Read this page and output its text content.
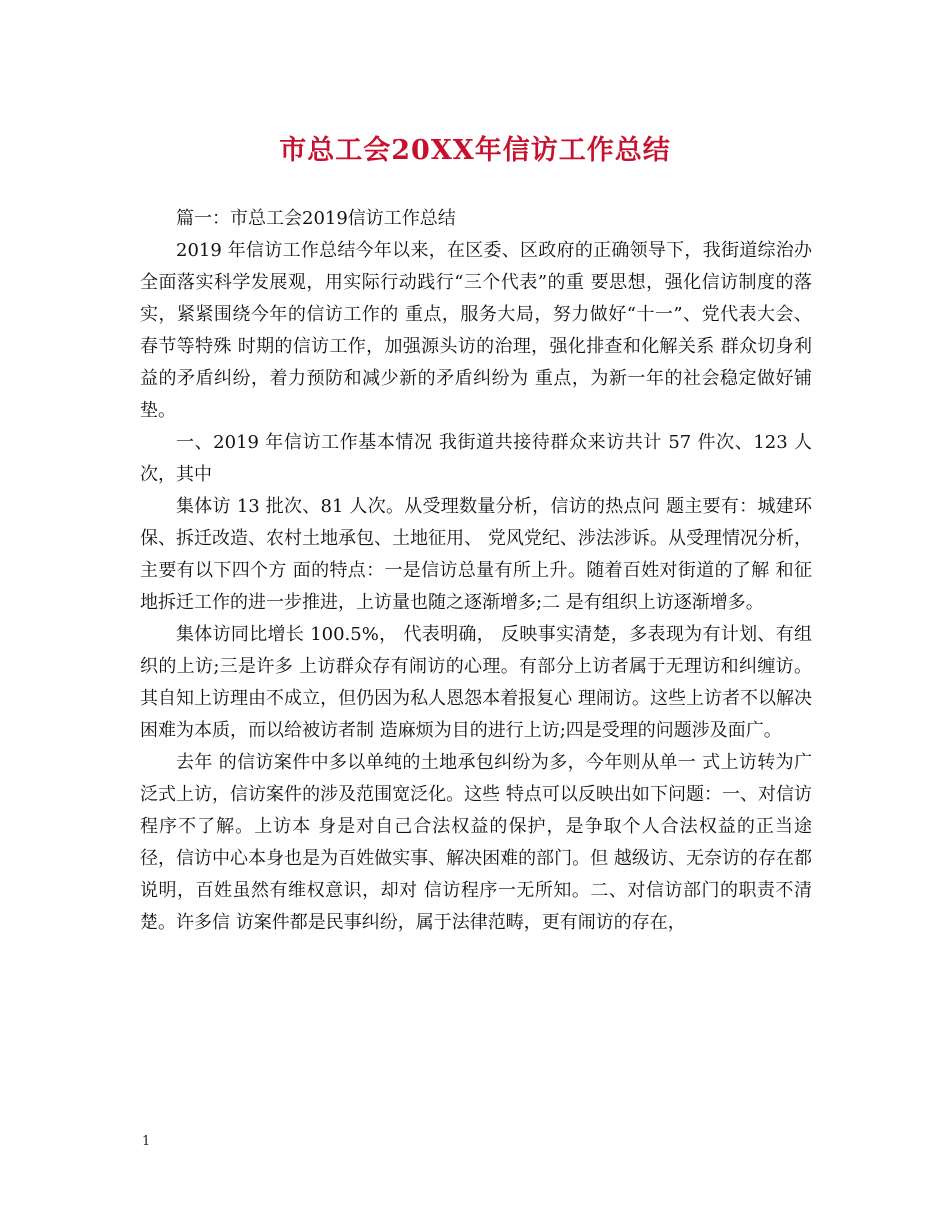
市总工会20XX年信访工作总结

篇一：市总工会2019信访工作总结

2019 年信访工作总结今年以来，在区委、区政府的正确领导下，我街道综治办全面落实科学发展观，用实际行动践行“三个代表”的重 要思想，强化信访制度的落实，紧紧围绕今年的信访工作的 重点，服务大局，努力做好“十一”、党代表大会、春节等特殊 时期的信访工作，加强源头访的治理，强化排查和化解关系 群众切身利益的矛盾纠纷，着力预防和减少新的矛盾纠纷为 重点，为新一年的社会稳定做好铺垫。

一、2019 年信访工作基本情况 我街道共接待群众来访共计 57 件次、123 人次，其中

集体访 13 批次、81 人次。从受理数量分析，信访的热点问 题主要有：城建环保、拆迁改造、农村土地承包、土地征用、 党风党纪、涉法涉诉。从受理情况分析，主要有以下四个方 面的特点：一是信访总量有所上升。随着百姓对街道的了解 和征地拆迁工作的进一步推进，上访量也随之逐渐增多;二 是有组织上访逐渐增多。

集体访同比增长 100.5%， 代表明确， 反映事实清楚，多表现为有计划、有组织的上访;三是许多 上访群众存有闹访的心理。有部分上访者属于无理访和纠缠访。其自知上访理由不成立，但仍因为私人恩怨本着报复心 理闹访。这些上访者不以解决困难为本质，而以给被访者制 造麻烦为目的进行上访;四是受理的问题涉及面广。

去年 的信访案件中多以单纯的土地承包纠纷为多，今年则从单一 式上访转为广泛式上访，信访案件的涉及范围宽泛化。这些 特点可以反映出如下问题：一、对信访程序不了解。上访本 身是对自己合法权益的保护，是争取个人合法权益的正当途 径，信访中心本身也是为百姓做实事、解决困难的部门。但 越级访、无奈访的存在都说明，百姓虽然有维权意识，却对 信访程序一无所知。二、对信访部门的职责不清楚。许多信 访案件都是民事纠纷，属于法律范畴，更有闹访的存在，

1
